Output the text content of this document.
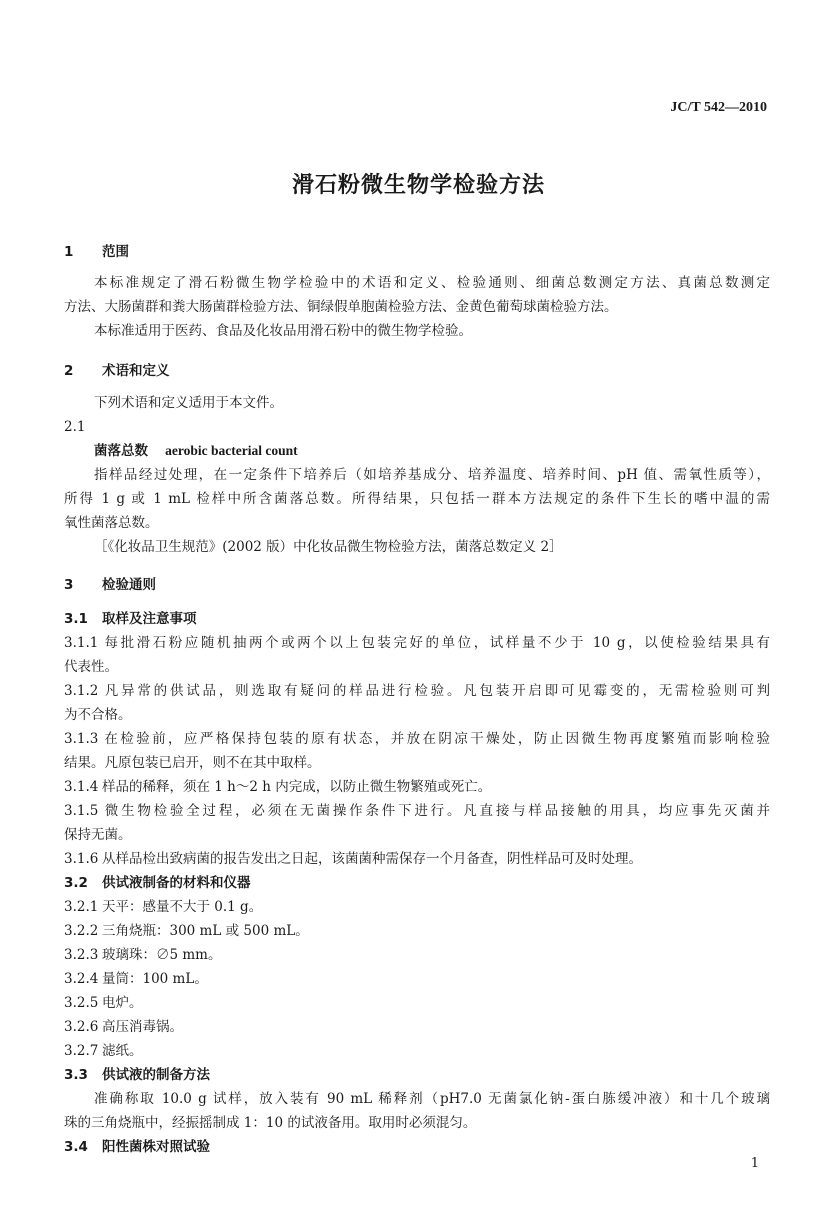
JC/T 542—2010
滑石粉微生物学检验方法
1 范围
本标准规定了滑石粉微生物学检验中的术语和定义、检验通则、细菌总数测定方法、真菌总数测定
方法、大肠菌群和粪大肠菌群检验方法、铜绿假单胞菌检验方法、金黄色葡萄球菌检验方法。
本标准适用于医药、食品及化妆品用滑石粉中的微生物学检验。
2 术语和定义
下列术语和定义适用于本文件。
2.1
菌落总数 aerobic bacterial count
指样品经过处理，在一定条件下培养后（如培养基成分、培养温度、培养时间、pH 值、需氧性质等），
所得 1 g 或 1 mL 检样中所含菌落总数。所得结果，只包括一群本方法规定的条件下生长的嗜中温的需
氧性菌落总数。
［《化妆品卫生规范》(2002 版）中化妆品微生物检验方法，菌落总数定义 2］
3 检验通则
3.1 取样及注意事项
3.1.1 每批滑石粉应随机抽两个或两个以上包装完好的单位，试样量不少于 10 g，以使检验结果具有
代表性。
3.1.2 凡异常的供试品，则选取有疑问的样品进行检验。凡包装开启即可见霉变的，无需检验则可判
为不合格。
3.1.3 在检验前，应严格保持包装的原有状态，并放在阴凉干燥处，防止因微生物再度繁殖而影响检验
结果。凡原包装已启开，则不在其中取样。
3.1.4 样品的稀释，须在 1 h～2 h 内完成，以防止微生物繁殖或死亡。
3.1.5 微生物检验全过程，必须在无菌操作条件下进行。凡直接与样品接触的用具，均应事先灭菌并
保持无菌。
3.1.6 从样品检出致病菌的报告发出之日起，该菌菌种需保存一个月备查，阴性样品可及时处理。
3.2 供试液制备的材料和仪器
3.2.1 天平：感量不大于 0.1 g。
3.2.2 三角烧瓶：300 mL 或 500 mL。
3.2.3 玻璃珠：∅5 mm。
3.2.4 量筒：100 mL。
3.2.5 电炉。
3.2.6 高压消毒锅。
3.2.7 滤纸。
3.3 供试液的制备方法
准确称取 10.0 g 试样，放入装有 90 mL 稀释剂（pH7.0 无菌氯化钠-蛋白胨缓冲液）和十几个玻璃
珠的三角烧瓶中，经振摇制成 1：10 的试液备用。取用时必须混匀。
3.4 阳性菌株对照试验
1
